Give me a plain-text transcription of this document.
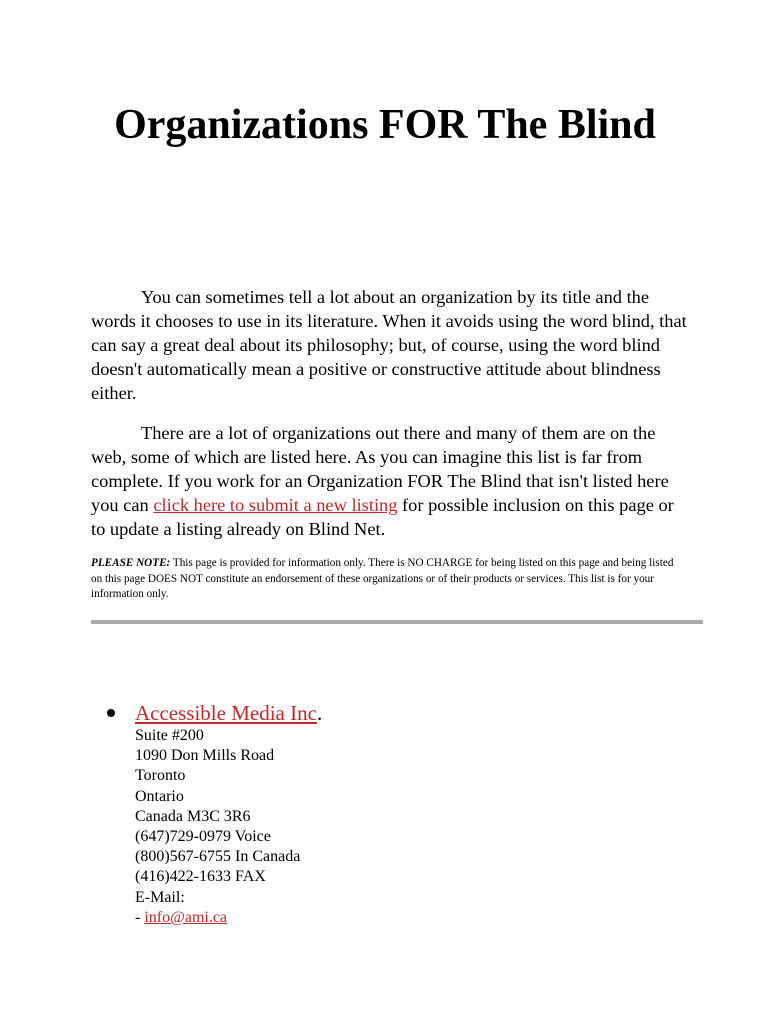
Organizations FOR The Blind

You can sometimes tell a lot about an organization by its title and the words it chooses to use in its literature. When it avoids using the word blind, that can say a great deal about its philosophy; but, of course, using the word blind doesn't automatically mean a positive or constructive attitude about blindness either.

There are a lot of organizations out there and many of them are on the web, some of which are listed here. As you can imagine this list is far from complete. If you work for an Organization FOR The Blind that isn't listed here you can click here to submit a new listing for possible inclusion on this page or to update a listing already on Blind Net.

PLEASE NOTE: This page is provided for information only. There is NO CHARGE for being listed on this page and being listed on this page DOES NOT constitute an endorsement of these organizations or of their products or services. This list is for your information only.

Accessible Media Inc.
Suite #200
1090 Don Mills Road
Toronto
Ontario
Canada M3C 3R6
(647)729-0979 Voice
(800)567-6755 In Canada
(416)422-1633 FAX
E-Mail:
- info@ami.ca
